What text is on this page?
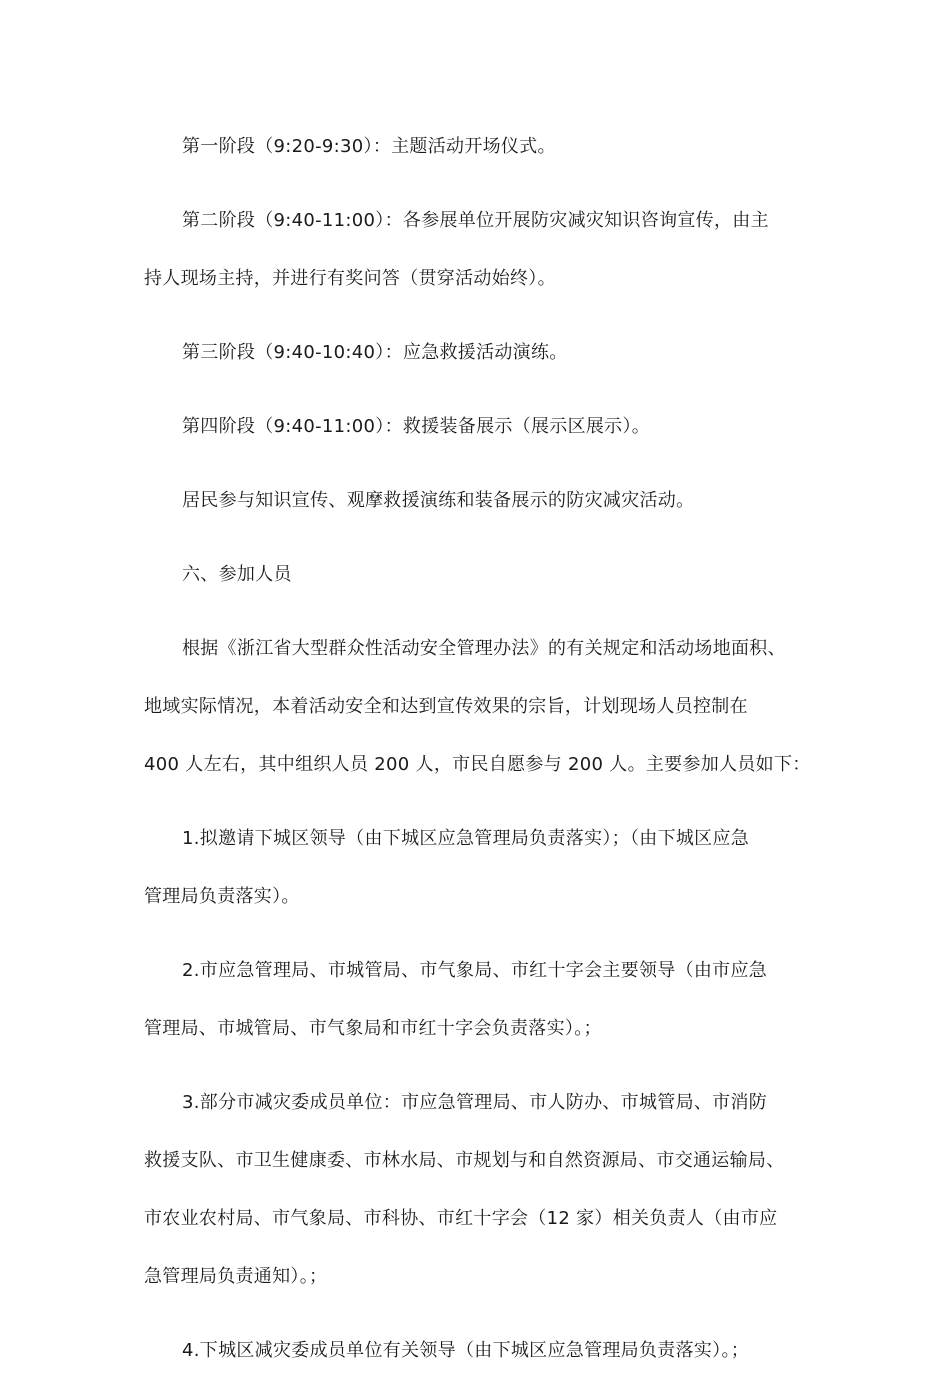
第一阶段（9:20-9:30）：主题活动开场仪式。

第二阶段（9:40-11:00）：各参展单位开展防灾减灾知识咨询宣传，由主
持人现场主持，并进行有奖问答（贯穿活动始终）。

第三阶段（9:40-10:40）：应急救援活动演练。

第四阶段（9:40-11:00）：救援装备展示（展示区展示）。

居民参与知识宣传、观摩救援演练和装备展示的防灾减灾活动。

六、参加人员

根据《浙江省大型群众性活动安全管理办法》的有关规定和活动场地面积、
地域实际情况，本着活动安全和达到宣传效果的宗旨，计划现场人员控制在
400 人左右，其中组织人员 200 人，市民自愿参与 200 人。主要参加人员如下：

1.拟邀请下城区领导（由下城区应急管理局负责落实）；（由下城区应急
管理局负责落实）。

2.市应急管理局、市城管局、市气象局、市红十字会主要领导（由市应急
管理局、市城管局、市气象局和市红十字会负责落实）。；

3.部分市减灾委成员单位：市应急管理局、市人防办、市城管局、市消防
救援支队、市卫生健康委、市林水局、市规划与和自然资源局、市交通运输局、
市农业农村局、市气象局、市科协、市红十字会（12 家）相关负责人（由市应
急管理局负责通知）。；

4.下城区减灾委成员单位有关领导（由下城区应急管理局负责落实）。；
